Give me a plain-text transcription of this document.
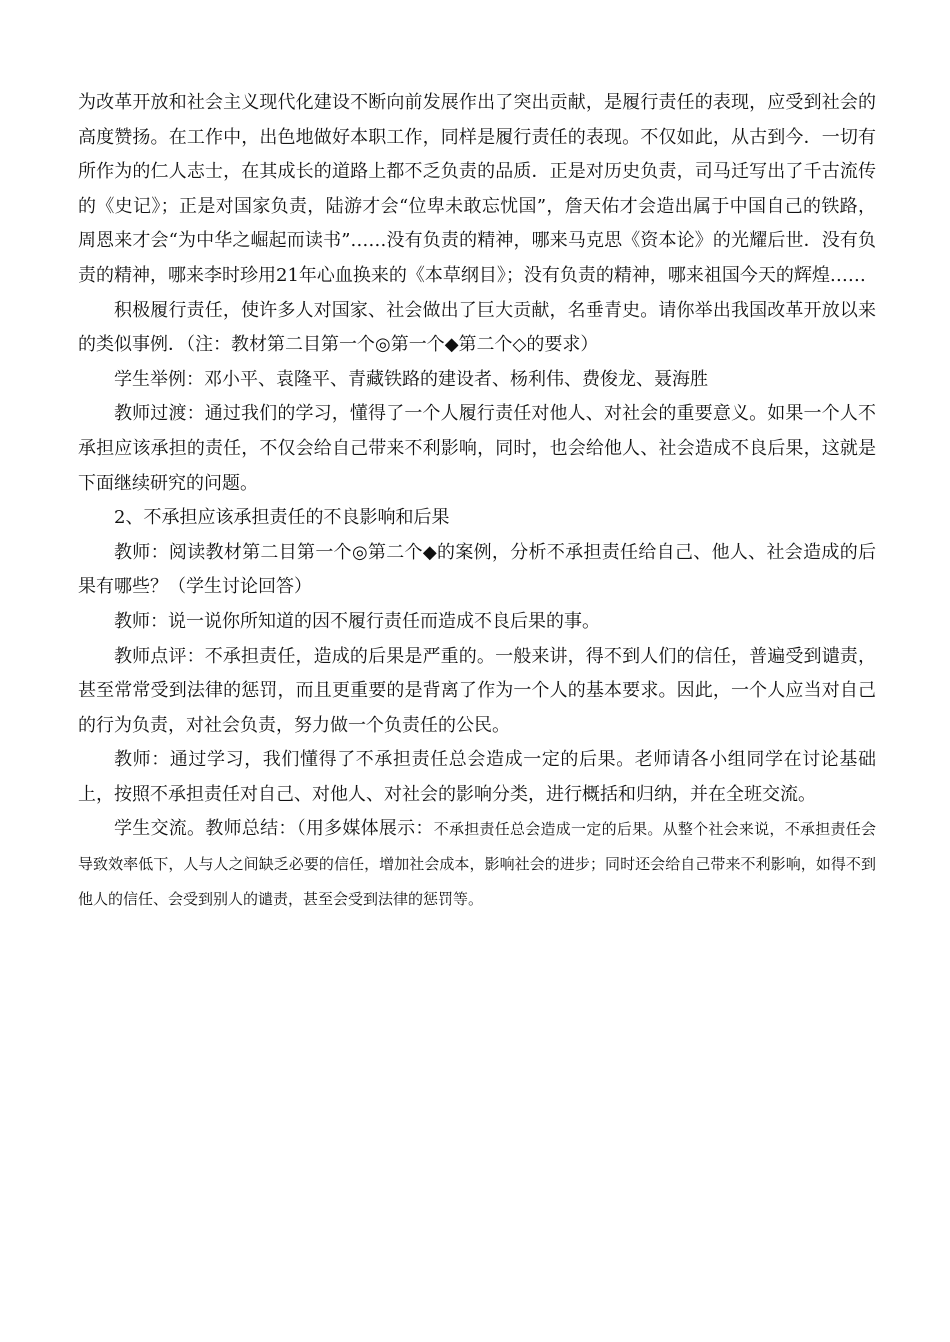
为改革开放和社会主义现代化建设不断向前发展作出了突出贡献，是履行责任的表现，应受到社会的高度赞扬。在工作中，出色地做好本职工作，同样是履行责任的表现。不仅如此，从古到今．一切有所作为的仁人志士，在其成长的道路上都不乏负责的品质．正是对历史负责，司马迁写出了千古流传的《史记》；正是对国家负责，陆游才会“位卑未敢忘忧国”，詹天佑才会造出属于中国自己的铁路，周恩来才会“为中华之崛起而读书”……没有负责的精神，哪来马克思《资本论》的光耀后世．没有负责的精神，哪来李时珍用21年心血换来的《本草纲目》；没有负责的精神，哪来祖国今天的辉煌……

积极履行责任，使许多人对国家、社会做出了巨大贡献，名垂青史。请你举出我国改革开放以来的类似事例．（注：教材第二目第一个◎第一个◆第二个◇的要求）

学生举例：邓小平、袁隆平、青藏铁路的建设者、杨利伟、费俊龙、聂海胜

教师过渡：通过我们的学习，懂得了一个人履行责任对他人、对社会的重要意义。如果一个人不承担应该承担的责任，不仅会给自己带来不利影响，同时，也会给他人、社会造成不良后果，这就是下面继续研究的问题。

2、不承担应该承担责任的不良影响和后果

教师：阅读教材第二目第一个◎第二个◆的案例，分析不承担责任给自己、他人、社会造成的后果有哪些？（学生讨论回答）

教师：说一说你所知道的因不履行责任而造成不良后果的事。

教师点评：不承担责任，造成的后果是严重的。一般来讲，得不到人们的信任，普遍受到谴责，甚至常常受到法律的惩罚，而且更重要的是背离了作为一个人的基本要求。因此，一个人应当对自己的行为负责，对社会负责，努力做一个负责任的公民。

教师：通过学习，我们懂得了不承担责任总会造成一定的后果。老师请各小组同学在讨论基础上，按照不承担责任对自己、对他人、对社会的影响分类，进行概括和归纳，并在全班交流。

学生交流。教师总结：（用多媒体展示：不承担责任总会造成一定的后果。从整个社会来说，不承担责任会导致效率低下，人与人之间缺乏必要的信任，增加社会成本，影响社会的进步；同时还会给自己带来不利影响，如得不到他人的信任、会受到别人的谴责，甚至会受到法律的惩罚等。
